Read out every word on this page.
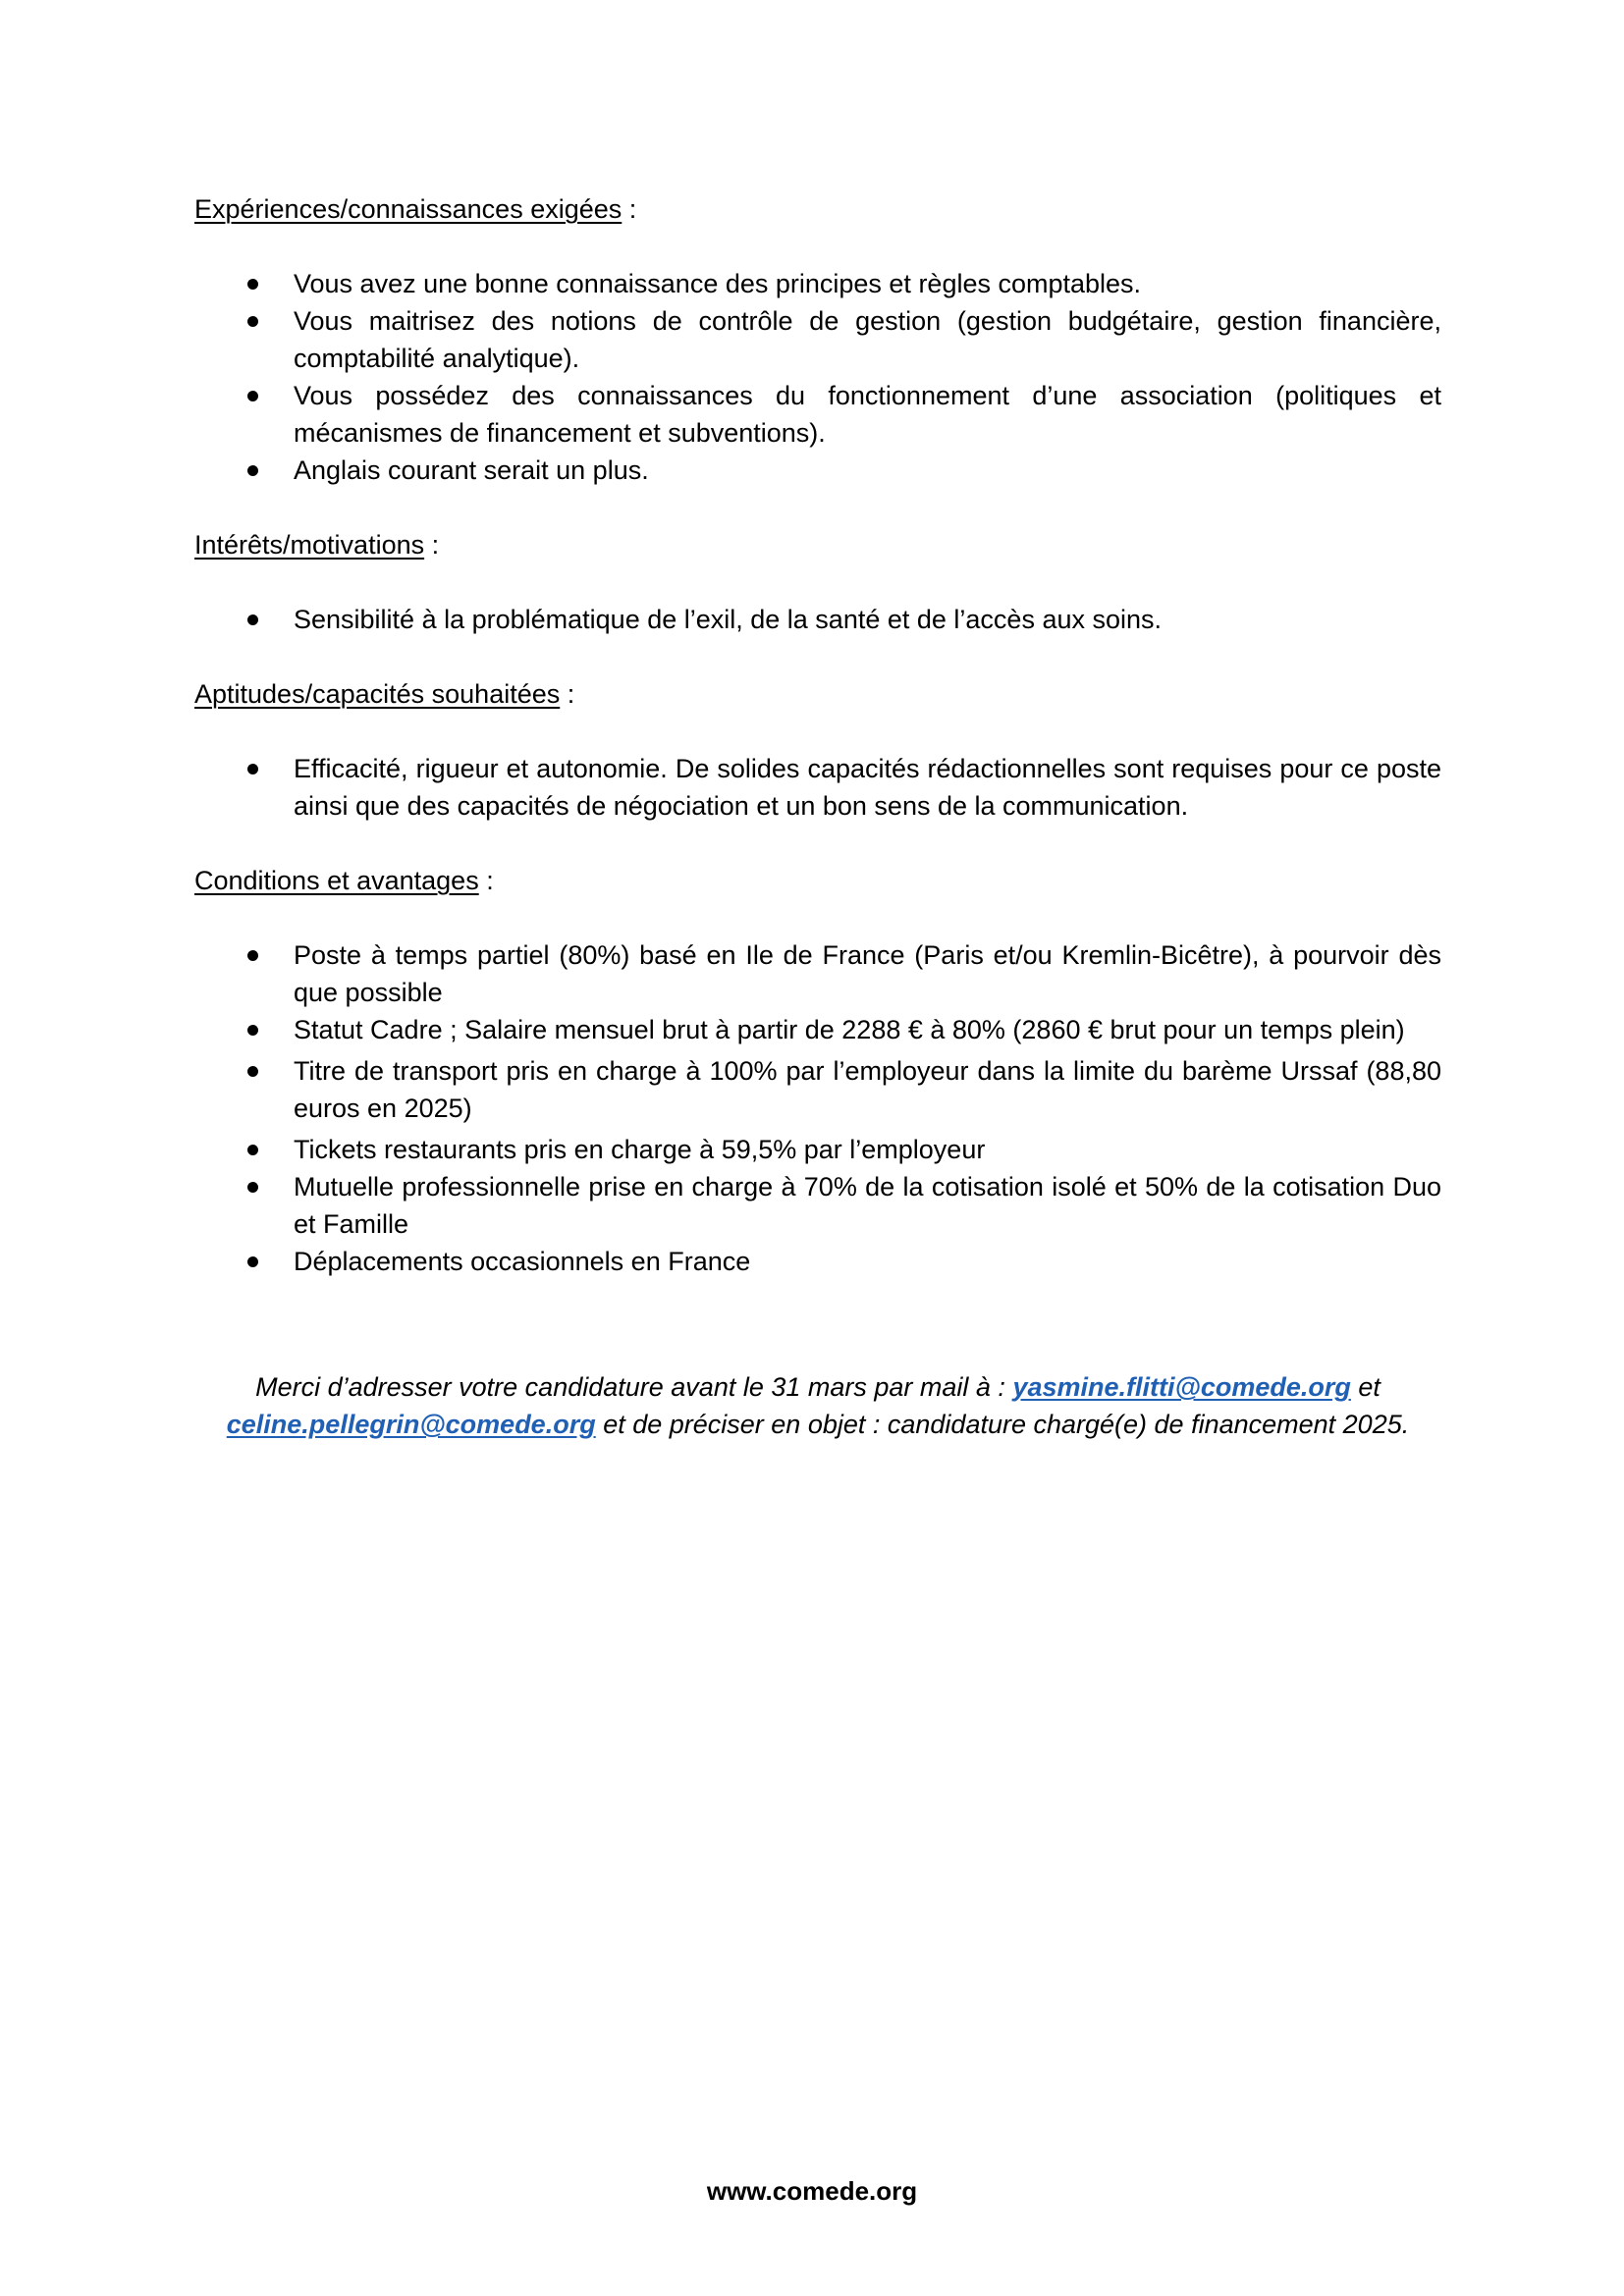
Expériences/connaissances exigées :
Vous avez une bonne connaissance des principes et règles comptables.
Vous maitrisez des notions de contrôle de gestion (gestion budgétaire, gestion financière, comptabilité analytique).
Vous possédez des connaissances du fonctionnement d’une association (politiques et mécanismes de financement et subventions).
Anglais courant serait un plus.
Intérêts/motivations :
Sensibilité à la problématique de l’exil, de la santé et de l’accès aux soins.
Aptitudes/capacités souhaitées :
Efficacité, rigueur et autonomie. De solides capacités rédactionnelles sont requises pour ce poste ainsi que des capacités de négociation et un bon sens de la communication.
Conditions et avantages :
Poste à temps partiel (80%) basé en Ile de France (Paris et/ou Kremlin-Bicêtre), à pourvoir dès que possible
Statut Cadre ; Salaire mensuel brut à partir de 2288 € à 80% (2860 € brut pour un temps plein)
Titre de transport pris en charge à 100% par l’employeur dans la limite du barème Urssaf (88,80 euros en 2025)
Tickets restaurants pris en charge à 59,5% par l’employeur
Mutuelle professionnelle prise en charge à 70% de la cotisation isolé et 50% de la cotisation Duo et Famille
Déplacements occasionnels en France
Merci d’adresser votre candidature avant le 31 mars par mail à : yasmine.flitti@comede.org et
celine.pellegrin@comede.org et de préciser en objet : candidature chargé(e) de financement 2025.
www.comede.org
